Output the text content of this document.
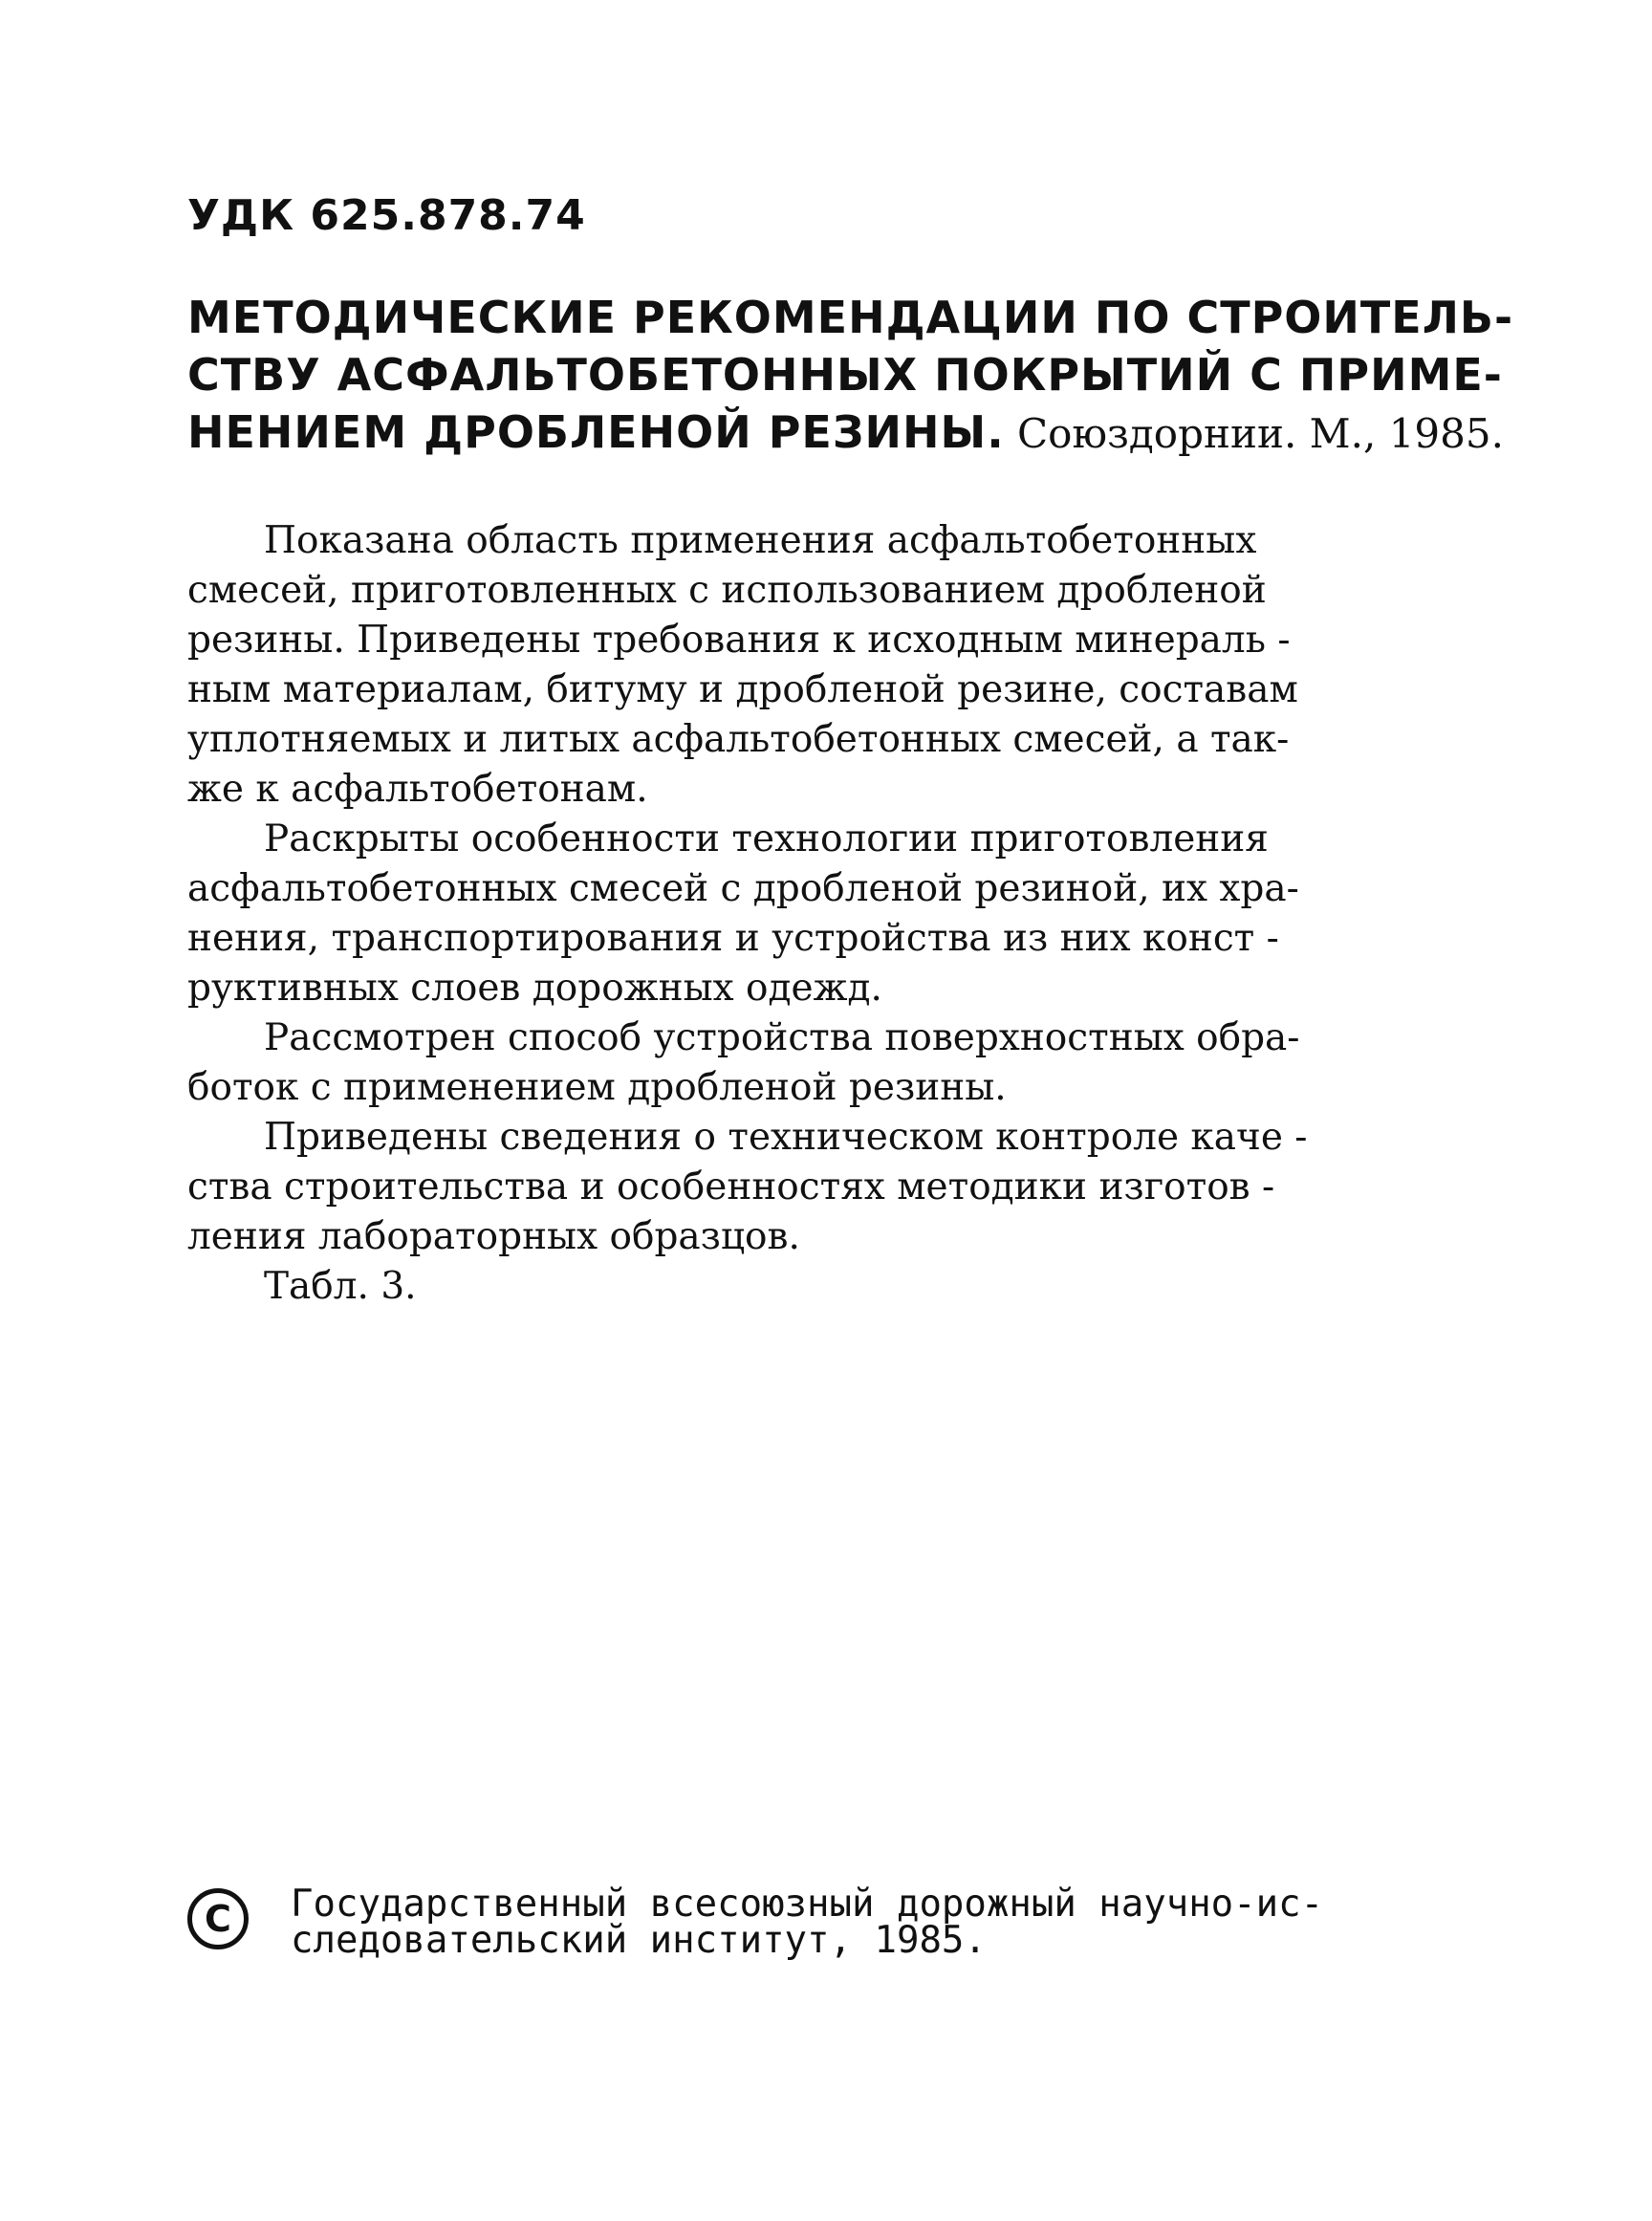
УДК 625.878.74
МЕТОДИЧЕСКИЕ РЕКОМЕНДАЦИИ ПО СТРОИТЕЛЬ-
СТВУ АСФАЛЬТОБЕТОННЫХ ПОКРЫТИЙ С ПРИМЕ-
НЕНИЕМ ДРОБЛЕНОЙ РЕЗИНЫ. Союздорнии. М., 1985.
Показана область применения асфальтобетонных
смесей, приготовленных с использованием дробленой
резины. Приведены требования к исходным минераль -
ным материалам, битуму и дробленой резине, составам
уплотняемых и литых асфальтобетонных смесей, а так-
же к асфальтобетонам.
Раскрыты особенности технологии приготовления
асфальтобетонных смесей с дробленой резиной, их хра-
нения, транспортирования и устройства из них конст -
руктивных слоев дорожных одежд.
Рассмотрен способ устройства поверхностных обра-
боток с применением дробленой резины.
Приведены сведения о техническом контроле каче -
ства строительства и особенностях методики изготов -
ления лабораторных образцов.
Табл. 3.
C	Государственный всесоюзный дорожный научно-ис-
следовательский институт, 1985.
